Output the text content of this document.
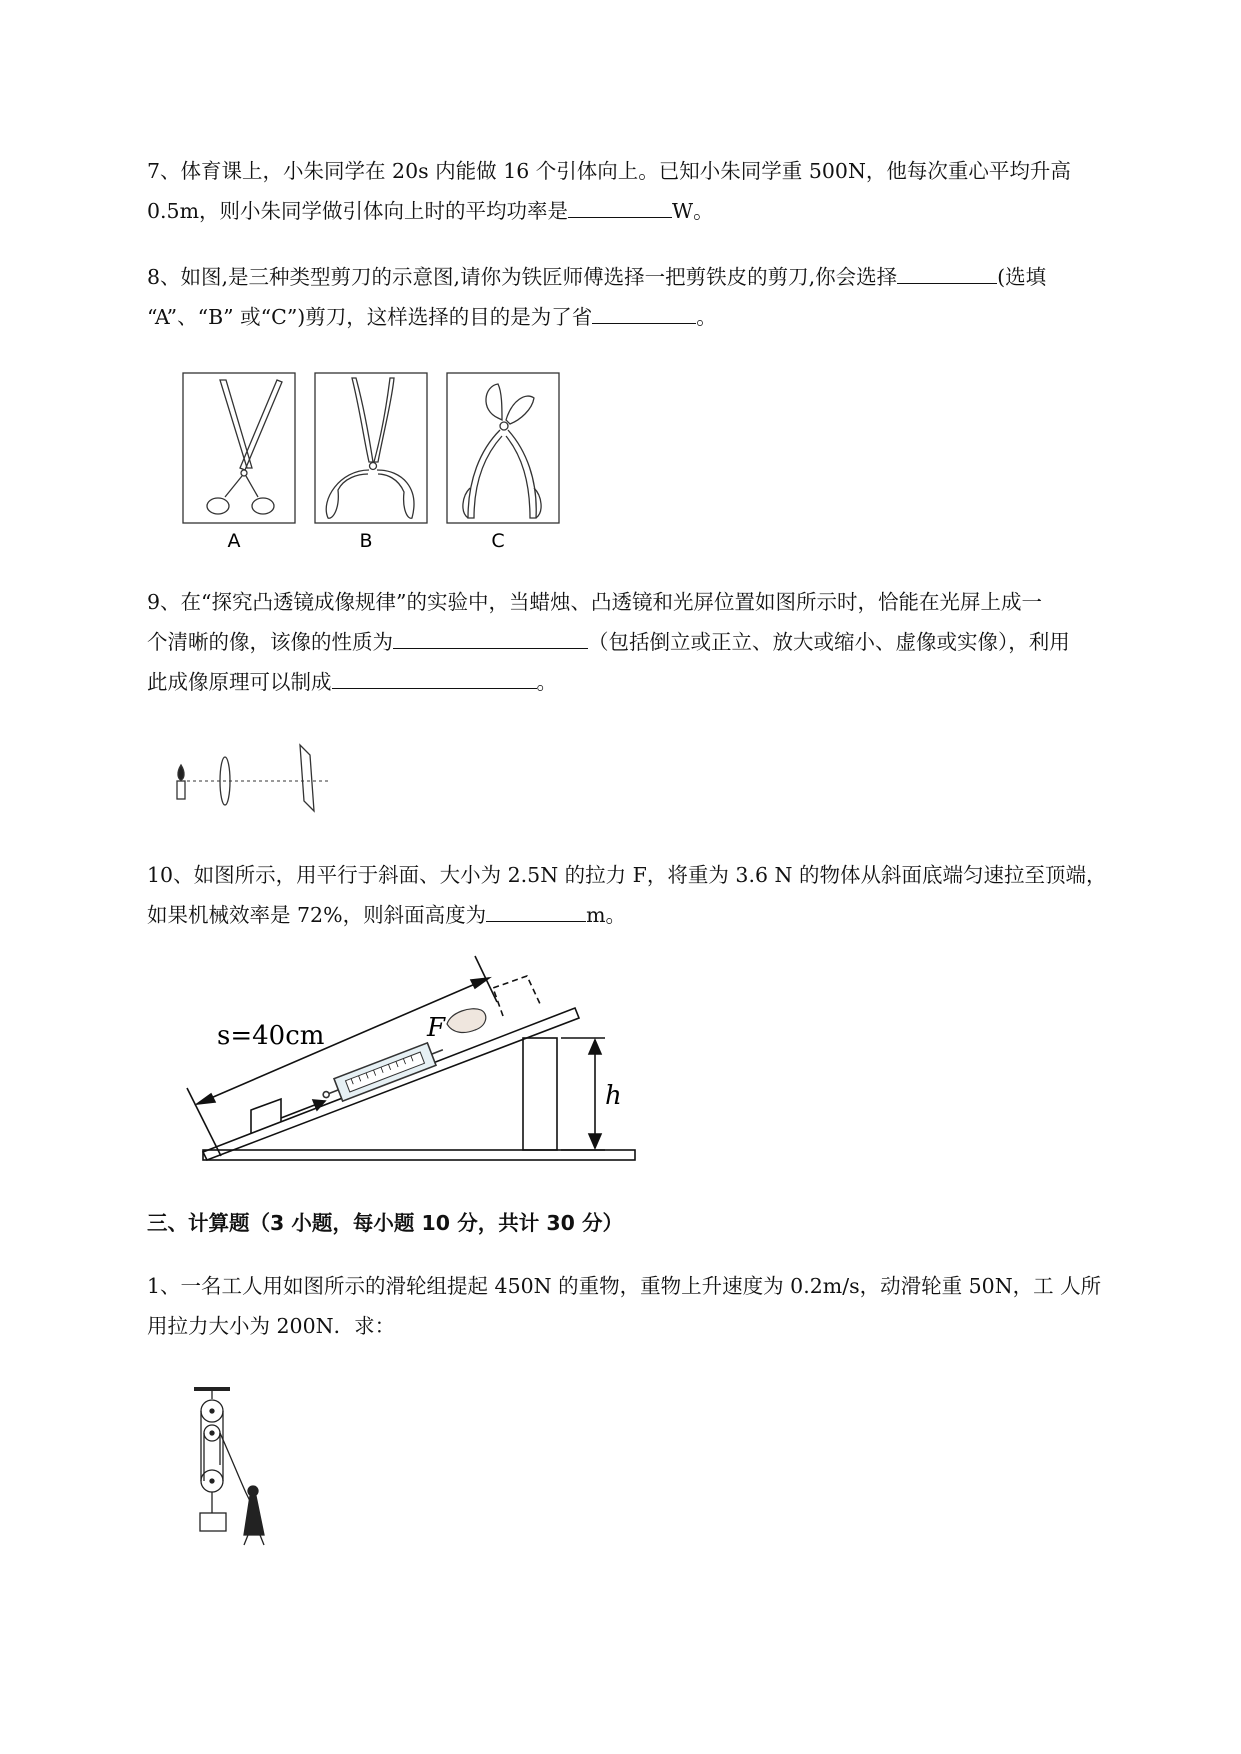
7、体育课上，小朱同学在 20s 内能做 16 个引体向上。已知小朱同学重 500N，他每次重心平均升高

0.5m，则小朱同学做引体向上时的平均功率是	W。

8、如图,是三种类型剪刀的示意图,请你为铁匠师傅选择一把剪铁皮的剪刀,你会选择	(选填

“A”、“B” 或“C”)剪刀，这样选择的目的是为了省	。

A	B	C

9、在“探究凸透镜成像规律”的实验中，当蜡烛、凸透镜和光屏位置如图所示时，恰能在光屏上成一

个清晰的像，该像的性质为	（包括倒立或正立、放大或缩小、虚像或实像），利用

此成像原理可以制成	。

10、如图所示，用平行于斜面、大小为 2.5N 的拉力 F，将重为 3.6 N 的物体从斜面底端匀速拉至顶端，

如果机械效率是 72%，则斜面高度为	m。

s=40cm	F
h

三、计算题（3 小题，每小题 10 分，共计 30 分）

1、一名工人用如图所示的滑轮组提起 450N 的重物，重物上升速度为 0.2m/s，动滑轮重 50N，工 人所

用拉力大小为 200N．求：
